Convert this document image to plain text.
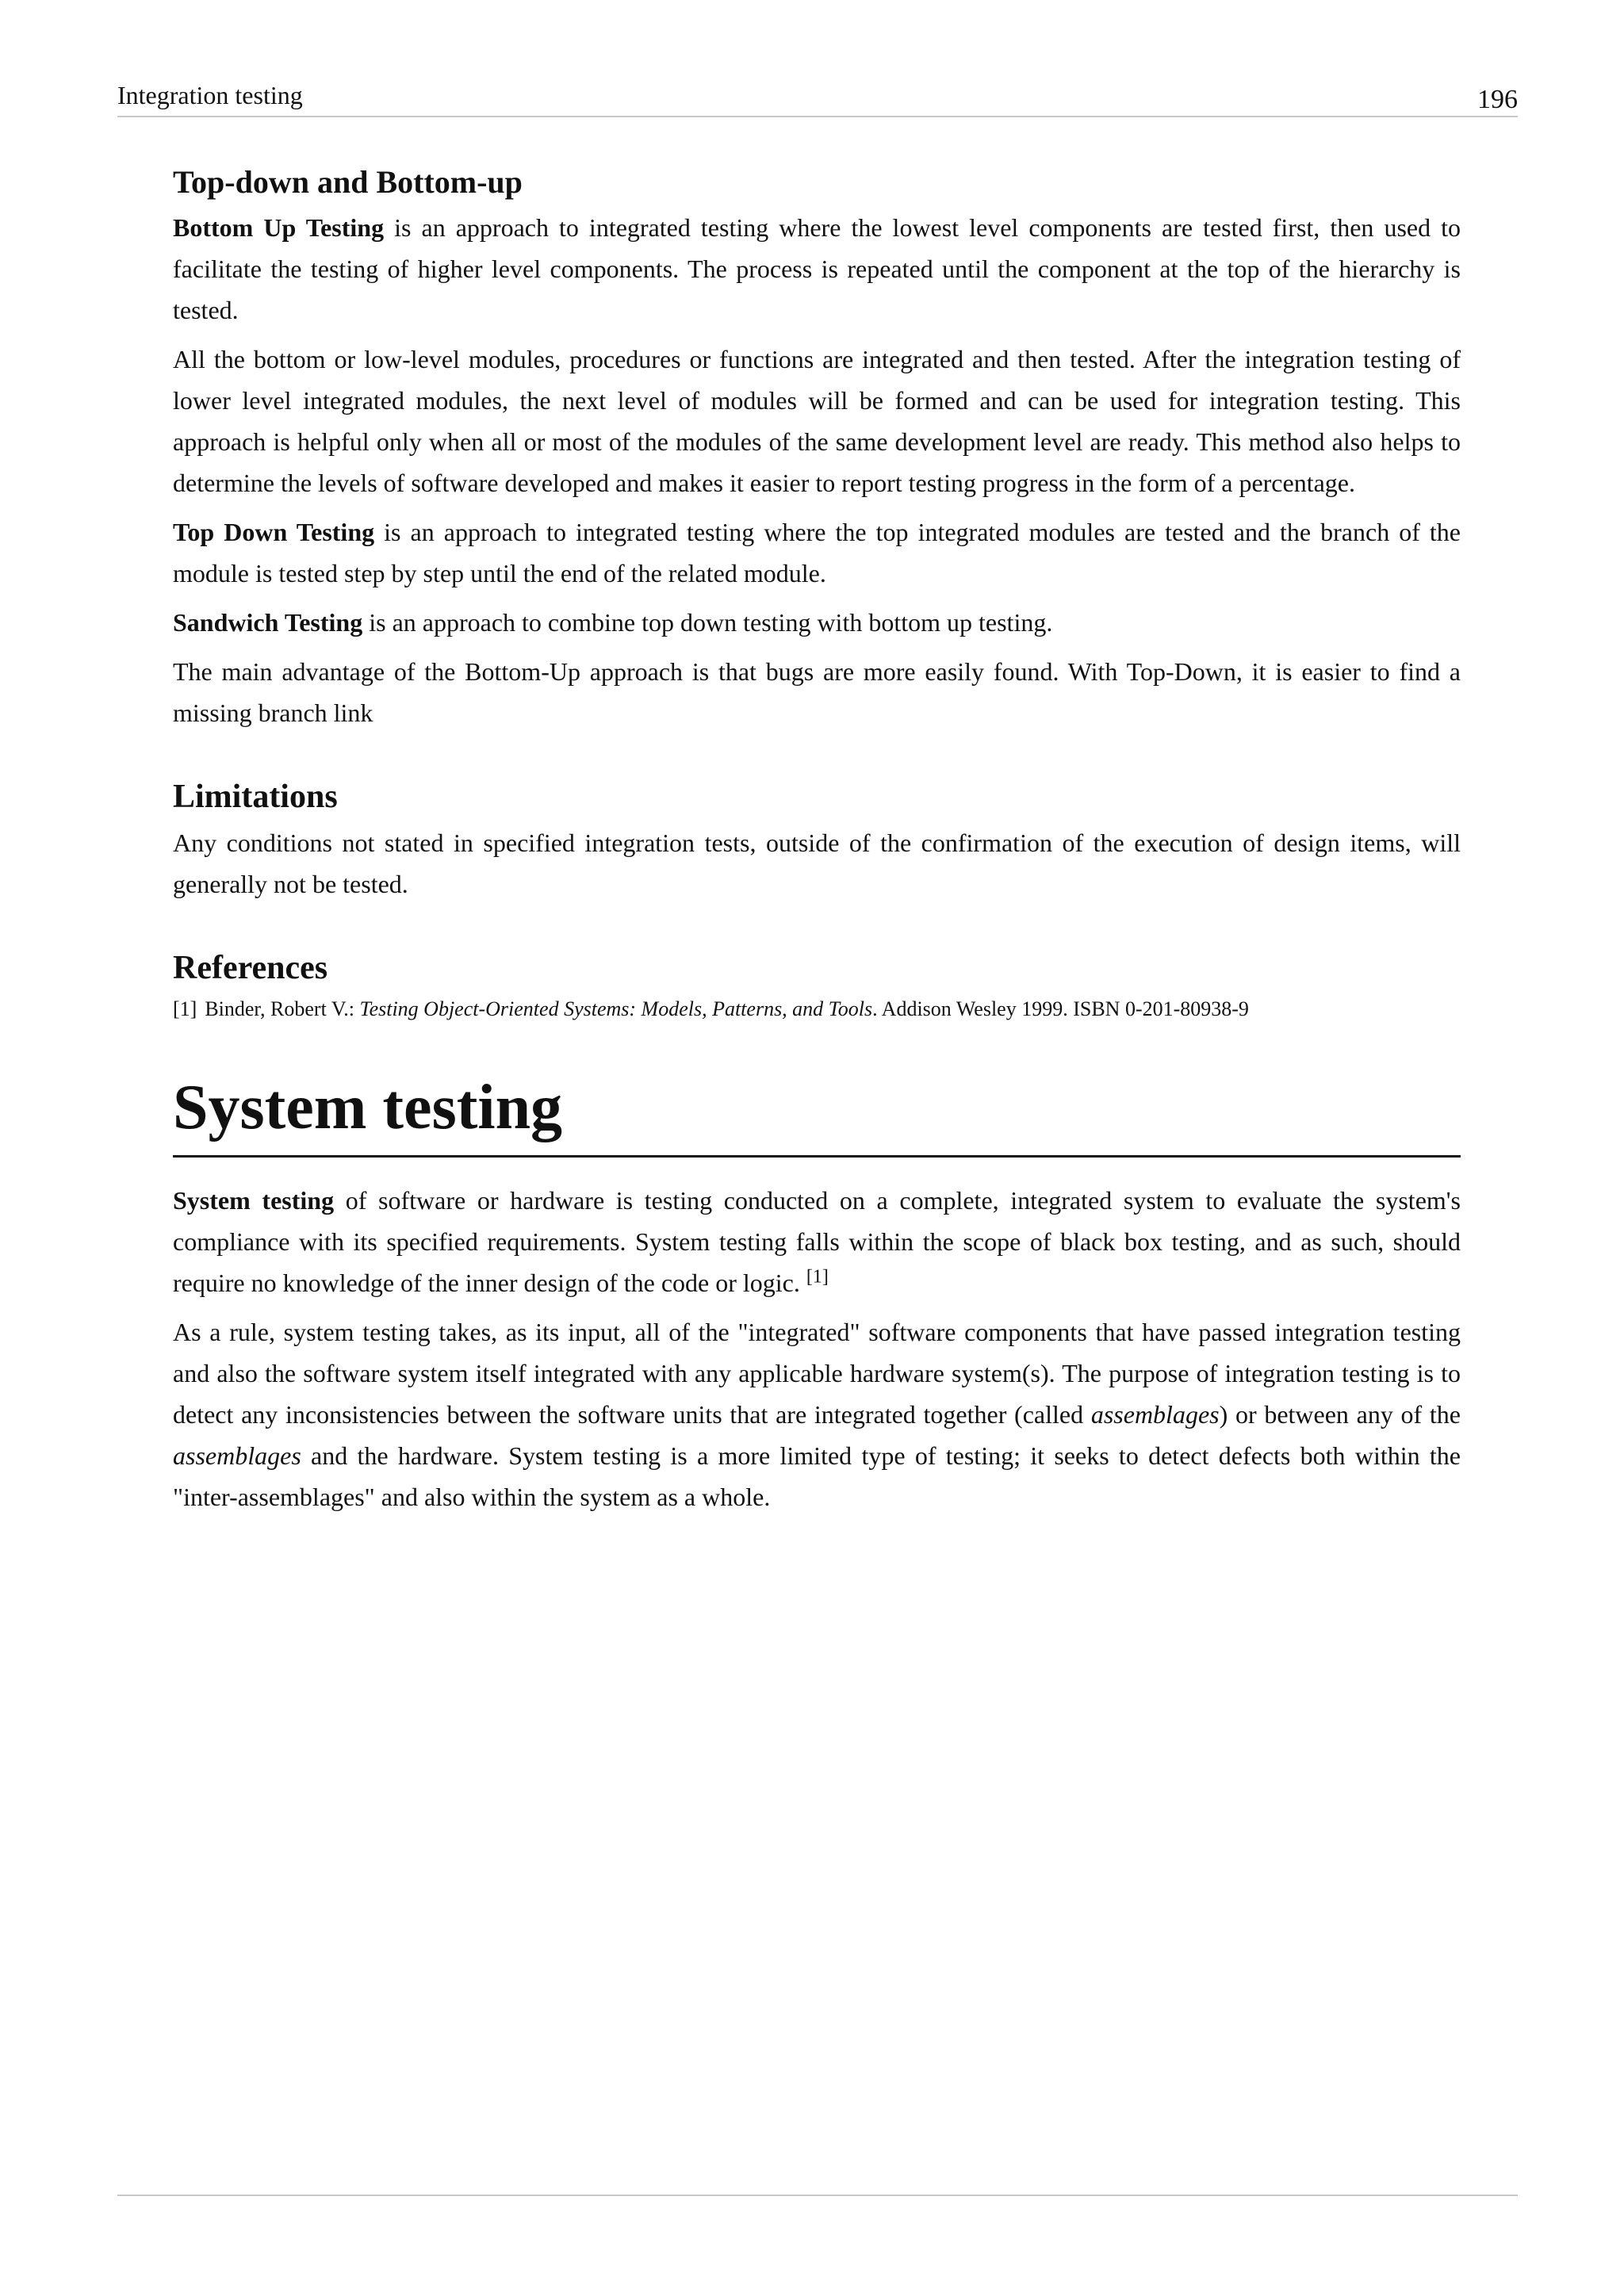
Integration testing	196
Top-down and Bottom-up

Bottom Up Testing is an approach to integrated testing where the lowest level components are tested first, then used to facilitate the testing of higher level components. The process is repeated until the component at the top of the hierarchy is tested.

All the bottom or low-level modules, procedures or functions are integrated and then tested. After the integration testing of lower level integrated modules, the next level of modules will be formed and can be used for integration testing. This approach is helpful only when all or most of the modules of the same development level are ready. This method also helps to determine the levels of software developed and makes it easier to report testing progress in the form of a percentage.

Top Down Testing is an approach to integrated testing where the top integrated modules are tested and the branch of the module is tested step by step until the end of the related module.

Sandwich Testing is an approach to combine top down testing with bottom up testing.

The main advantage of the Bottom-Up approach is that bugs are more easily found. With Top-Down, it is easier to find a missing branch link

Limitations

Any conditions not stated in specified integration tests, outside of the confirmation of the execution of design items, will generally not be tested.

References
[1] Binder, Robert V.: Testing Object-Oriented Systems: Models, Patterns, and Tools. Addison Wesley 1999. ISBN 0-201-80938-9
System testing

System testing of software or hardware is testing conducted on a complete, integrated system to evaluate the system's compliance with its specified requirements. System testing falls within the scope of black box testing, and as such, should require no knowledge of the inner design of the code or logic. [1]

As a rule, system testing takes, as its input, all of the "integrated" software components that have passed integration testing and also the software system itself integrated with any applicable hardware system(s). The purpose of integration testing is to detect any inconsistencies between the software units that are integrated together (called assemblages) or between any of the assemblages and the hardware. System testing is a more limited type of testing; it seeks to detect defects both within the "inter-assemblages" and also within the system as a whole.
